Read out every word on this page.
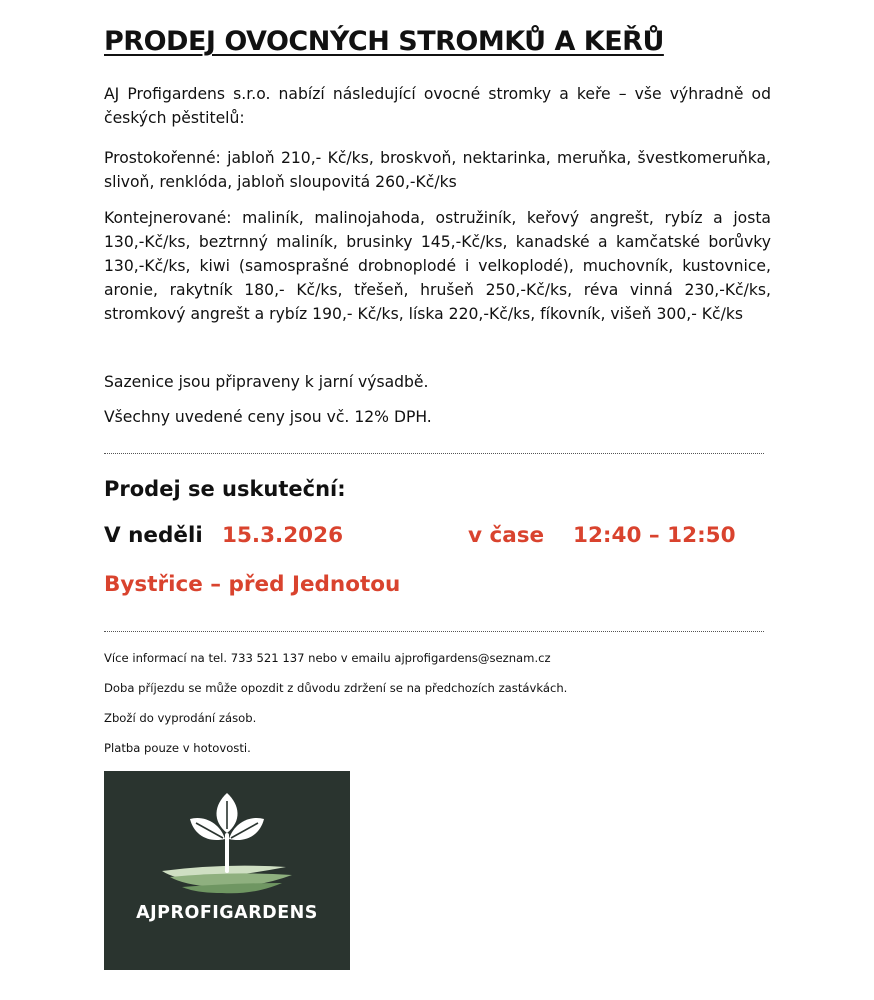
PRODEJ OVOCNÝCH STROMKŮ A KEŘŮ

AJ Profigardens s.r.o. nabízí následující ovocné stromky a keře – vše výhradně od českých pěstitelů:

Prostokořenné: jabloň 210,- Kč/ks, broskvoň, nektarinka, meruňka, švestkomeruňka, slivoň, renklóda, jabloň sloupovitá 260,-Kč/ks

Kontejnerované: maliník, malinojahoda, ostružiník, keřový angrešt, rybíz a josta 130,-Kč/ks, beztrnný maliník, brusinky 145,-Kč/ks, kanadské a kamčatské borůvky 130,-Kč/ks, kiwi (samosprašné drobnoplodé i velkoplodé), muchovník, kustovnice, aronie, rakytník 180,- Kč/ks, třešeň, hrušeň 250,-Kč/ks, réva vinná 230,-Kč/ks, stromkový angrešt a rybíz 190,- Kč/ks, líska 220,-Kč/ks, fíkovník, višeň 300,- Kč/ks

Sazenice jsou připraveny k jarní výsadbě.

Všechny uvedené ceny jsou vč. 12% DPH.

Prodej se uskuteční:
V neděli 15.3.2026	v čase 12:40 – 12:50
Bystřice – před Jednotou

Více informací na tel. 733 521 137 nebo v emailu ajprofigardens@seznam.cz

Doba příjezdu se může opozdit z důvodu zdržení se na předchozích zastávkách.

Zboží do vyprodání zásob.

Platba pouze v hotovosti.

AJPROFIGARDENS
